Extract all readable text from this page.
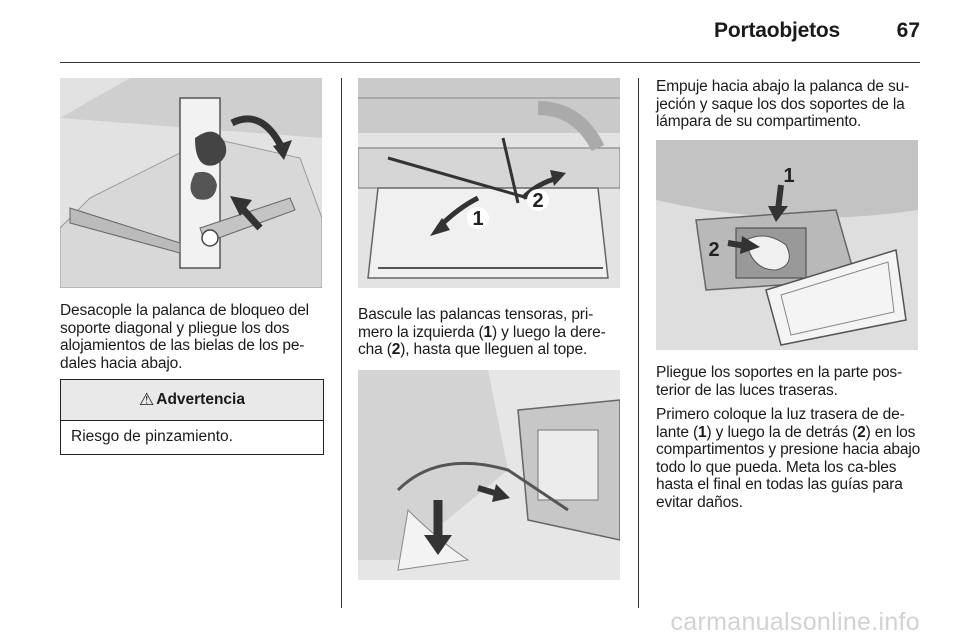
Portaobjetos	67

Desacople la palanca de bloqueo del soporte diagonal y pliegue los dos alojamientos de las bielas de los pe-dales hacia abajo.

⚠ Advertencia
Riesgo de pinzamiento.
1
2

Bascule las palancas tensoras, pri-mero la izquierda (1) y luego la dere-cha (2), hasta que lleguen al tope.

Empuje hacia abajo la palanca de su-jeción y saque los dos soportes de la lámpara de su compartimento.

1
2

Pliegue los soportes en la parte pos-terior de las luces traseras.

Primero coloque la luz trasera de de-lante (1) y luego la de detrás (2) en los compartimentos y presione hacia abajo todo lo que pueda. Meta los ca-bles hasta el final en todas las guías para evitar daños.

carmanualsonline.info
